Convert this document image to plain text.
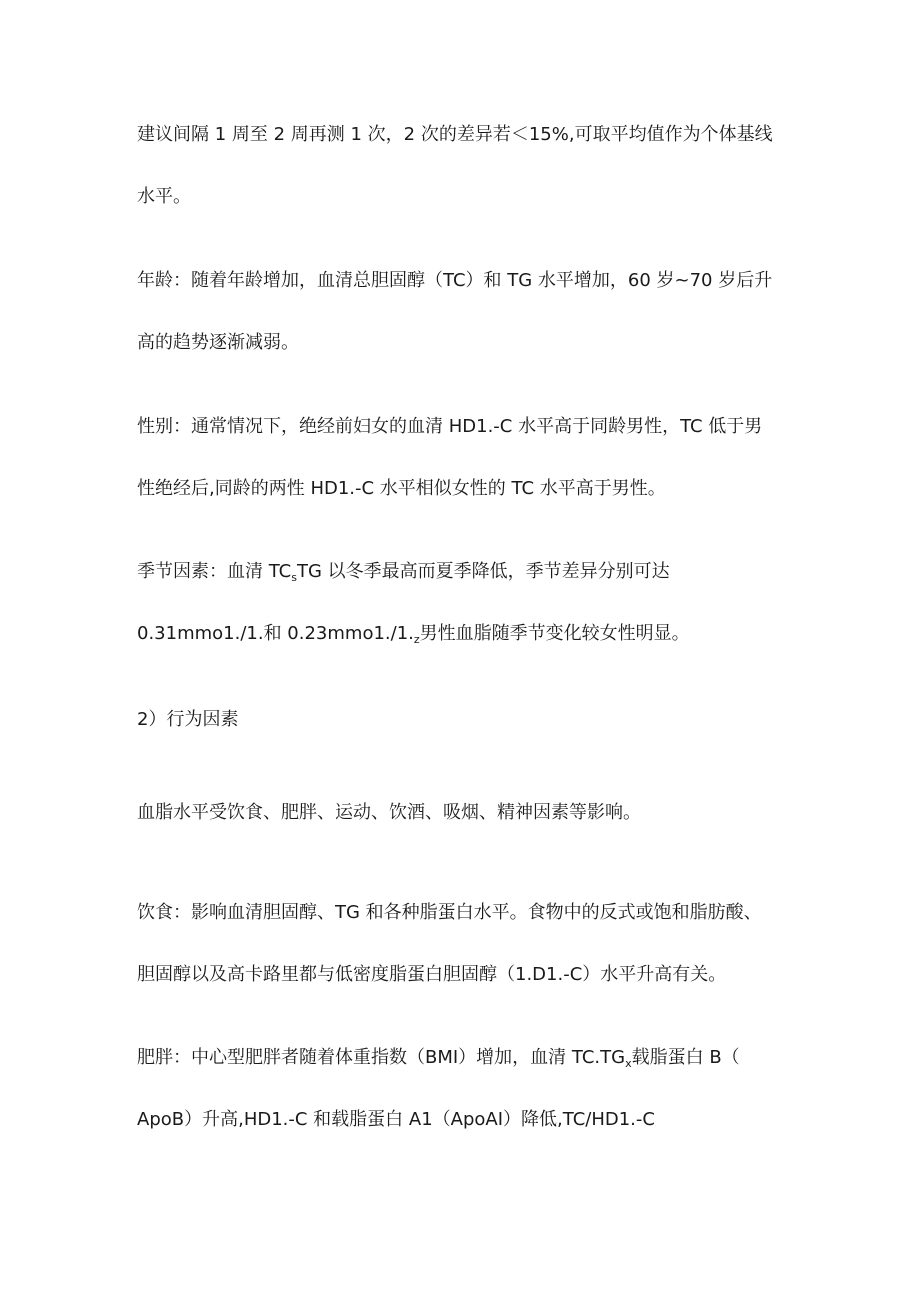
建议间隔 1 周至 2 周再测 1 次，2 次的差异若＜15%,可取平均值作为个体基线
水平。

年龄：随着年龄增加，血清总胆固醇（TC）和 TG 水平增加，60 岁~70 岁后升
高的趋势逐渐减弱。

性别：通常情况下，绝经前妇女的血清 HD1.-C 水平高于同龄男性，TC 低于男
性绝经后,同龄的两性 HD1.-C 水平相似女性的 TC 水平高于男性。

季节因素：血清 $TC_sTG$ 以冬季最高而夏季降低，季节差异分别可达
0.31mmo1./1.和 $0.23mmo1./1._z$男性血脂随季节变化较女性明显。

2）行为因素

血脂水平受饮食、肥胖、运动、饮酒、吸烟、精神因素等影响。

饮食：影响血清胆固醇、TG 和各种脂蛋白水平。食物中的反式或饱和脂肪酸、
胆固醇以及高卡路里都与低密度脂蛋白胆固醇（1.D1.-C）水平升高有关。

肥胖：中心型肥胖者随着体重指数（BMI）增加，血清 $TC.TG_x$载脂蛋白 B（
ApoB）升高,HD1.-C 和载脂蛋白 A1（ApoAI）降低,TC/HD1.-C
